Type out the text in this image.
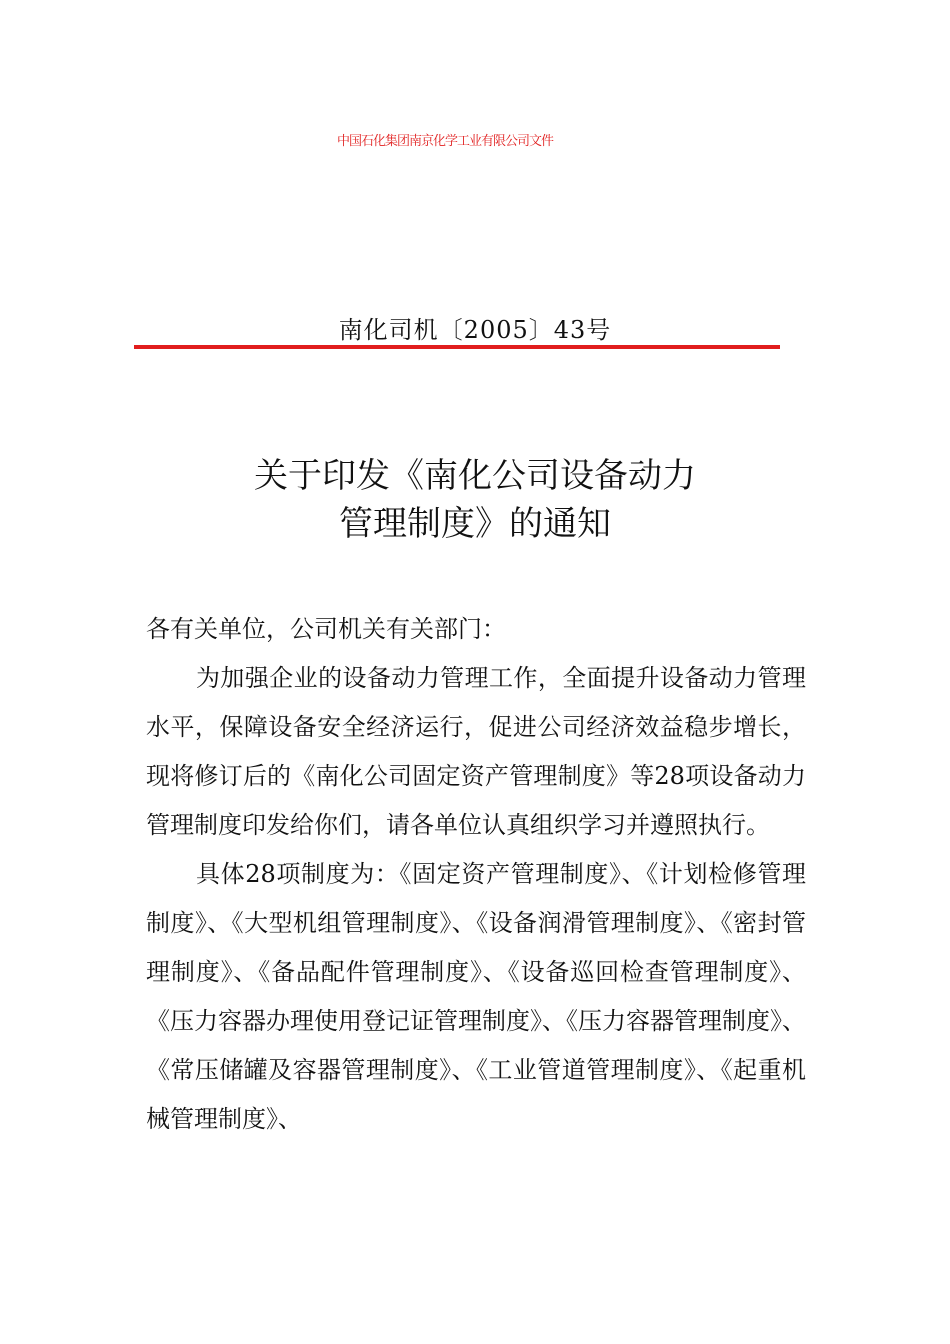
中国石化集团南京化学工业有限公司文件
南化司机〔2005〕43号
关于印发《南化公司设备动力
管理制度》的通知

各有关单位，公司机关有关部门：

为加强企业的设备动力管理工作，全面提升设备动力管理水平，保障设备安全经济运行，促进公司经济效益稳步增长，现将修订后的《南化公司固定资产管理制度》等28项设备动力管理制度印发给你们，请各单位认真组织学习并遵照执行。

具体28项制度为：《固定资产管理制度》、《计划检修管理制度》、《大型机组管理制度》、《设备润滑管理制度》、《密封管理制度》、《备品配件管理制度》、《设备巡回检查管理制度》、《压力容器办理使用登记证管理制度》、《压力容器管理制度》、《常压储罐及容器管理制度》、《工业管道管理制度》、《起重机械管理制度》、
